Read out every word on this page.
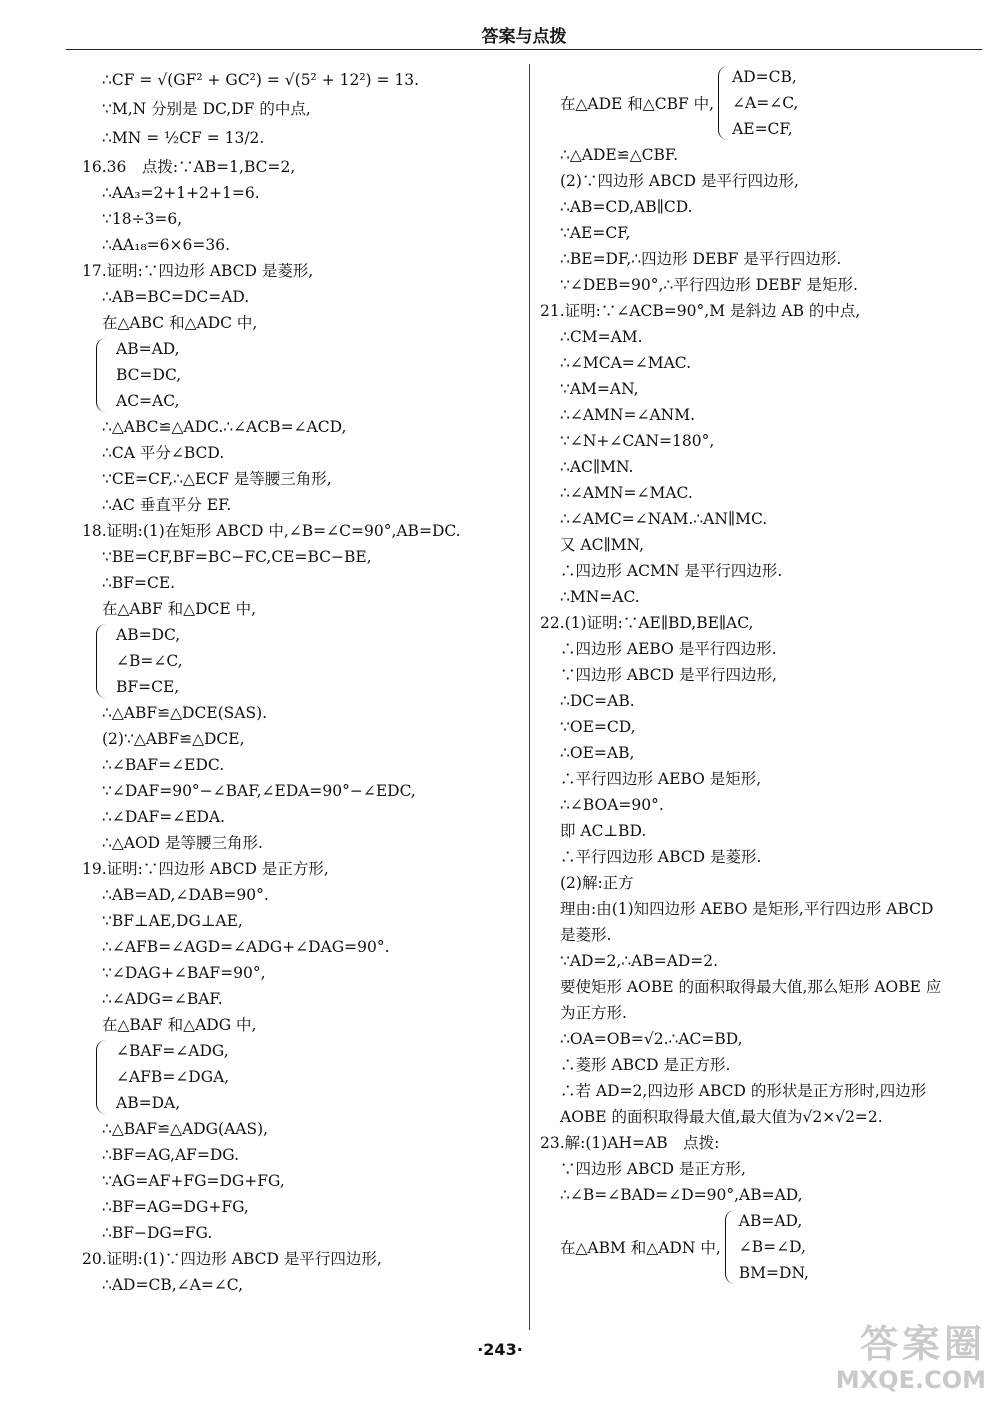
答案与点拨
∴CF = √(GF² + GC²) = √(5² + 12²) = 13.
∵M,N 分别是 DC,DF 的中点,
∴MN = ½CF = 13/2.
16.36　点拨:∵AB=1,BC=2,
∴AA₃=2+1+2+1=6.
∵18÷3=6,
∴AA₁₈=6×6=36.
17.证明:∵四边形 ABCD 是菱形,
∴AB=BC=DC=AD.
在△ABC 和△ADC 中,
AB=AD,
BC=DC,
AC=AC,
∴△ABC≌△ADC.∴∠ACB=∠ACD,
∴CA 平分∠BCD.
∵CE=CF,∴△ECF 是等腰三角形,
∴AC 垂直平分 EF.
18.证明:(1)在矩形 ABCD 中,∠B=∠C=90°,AB=DC.
∵BE=CF,BF=BC−FC,CE=BC−BE,
∴BF=CE.
在△ABF 和△DCE 中,
AB=DC,
∠B=∠C,
BF=CE,
∴△ABF≌△DCE(SAS).
(2)∵△ABF≌△DCE,
∴∠BAF=∠EDC.
∵∠DAF=90°−∠BAF,∠EDA=90°−∠EDC,
∴∠DAF=∠EDA.
∴△AOD 是等腰三角形.
19.证明:∵四边形 ABCD 是正方形,
∴AB=AD,∠DAB=90°.
∵BF⊥AE,DG⊥AE,
∴∠AFB=∠AGD=∠ADG+∠DAG=90°.
∵∠DAG+∠BAF=90°,
∴∠ADG=∠BAF.
在△BAF 和△ADG 中,
∠BAF=∠ADG,
∠AFB=∠DGA,
AB=DA,
∴△BAF≌△ADG(AAS),
∴BF=AG,AF=DG.
∵AG=AF+FG=DG+FG,
∴BF=AG=DG+FG,
∴BF−DG=FG.
20.证明:(1)∵四边形 ABCD 是平行四边形,
∴AD=CB,∠A=∠C,
在△ADE 和△CBF 中,
AD=CB,
∠A=∠C,
AE=CF,
∴△ADE≌△CBF.
(2)∵四边形 ABCD 是平行四边形,
∴AB=CD,AB∥CD.
∵AE=CF,
∴BE=DF,∴四边形 DEBF 是平行四边形.
∵∠DEB=90°,∴平行四边形 DEBF 是矩形.
21.证明:∵∠ACB=90°,M 是斜边 AB 的中点,
∴CM=AM.
∴∠MCA=∠MAC.
∵AM=AN,
∴∠AMN=∠ANM.
∵∠N+∠CAN=180°,
∴AC∥MN.
∴∠AMN=∠MAC.
∴∠AMC=∠NAM.∴AN∥MC.
又 AC∥MN,
∴四边形 ACMN 是平行四边形.
∴MN=AC.
22.(1)证明:∵AE∥BD,BE∥AC,
∴四边形 AEBO 是平行四边形.
∵四边形 ABCD 是平行四边形,
∴DC=AB.
∵OE=CD,
∴OE=AB,
∴平行四边形 AEBO 是矩形,
∴∠BOA=90°.
即 AC⊥BD.
∴平行四边形 ABCD 是菱形.
(2)解:正方
理由:由(1)知四边形 AEBO 是矩形,平行四边形 ABCD
是菱形.
∵AD=2,∴AB=AD=2.
要使矩形 AOBE 的面积取得最大值,那么矩形 AOBE 应
为正方形.
∴OA=OB=√2.∴AC=BD,
∴菱形 ABCD 是正方形.
∴若 AD=2,四边形 ABCD 的形状是正方形时,四边形
AOBE 的面积取得最大值,最大值为√2×√2=2.
23.解:(1)AH=AB　点拨:
∵四边形 ABCD 是正方形,
∴∠B=∠BAD=∠D=90°,AB=AD,
在△ABM 和△ADN 中,
AB=AD,
∠B=∠D,
BM=DN,
·243·	答案圈
MXQE.COM
